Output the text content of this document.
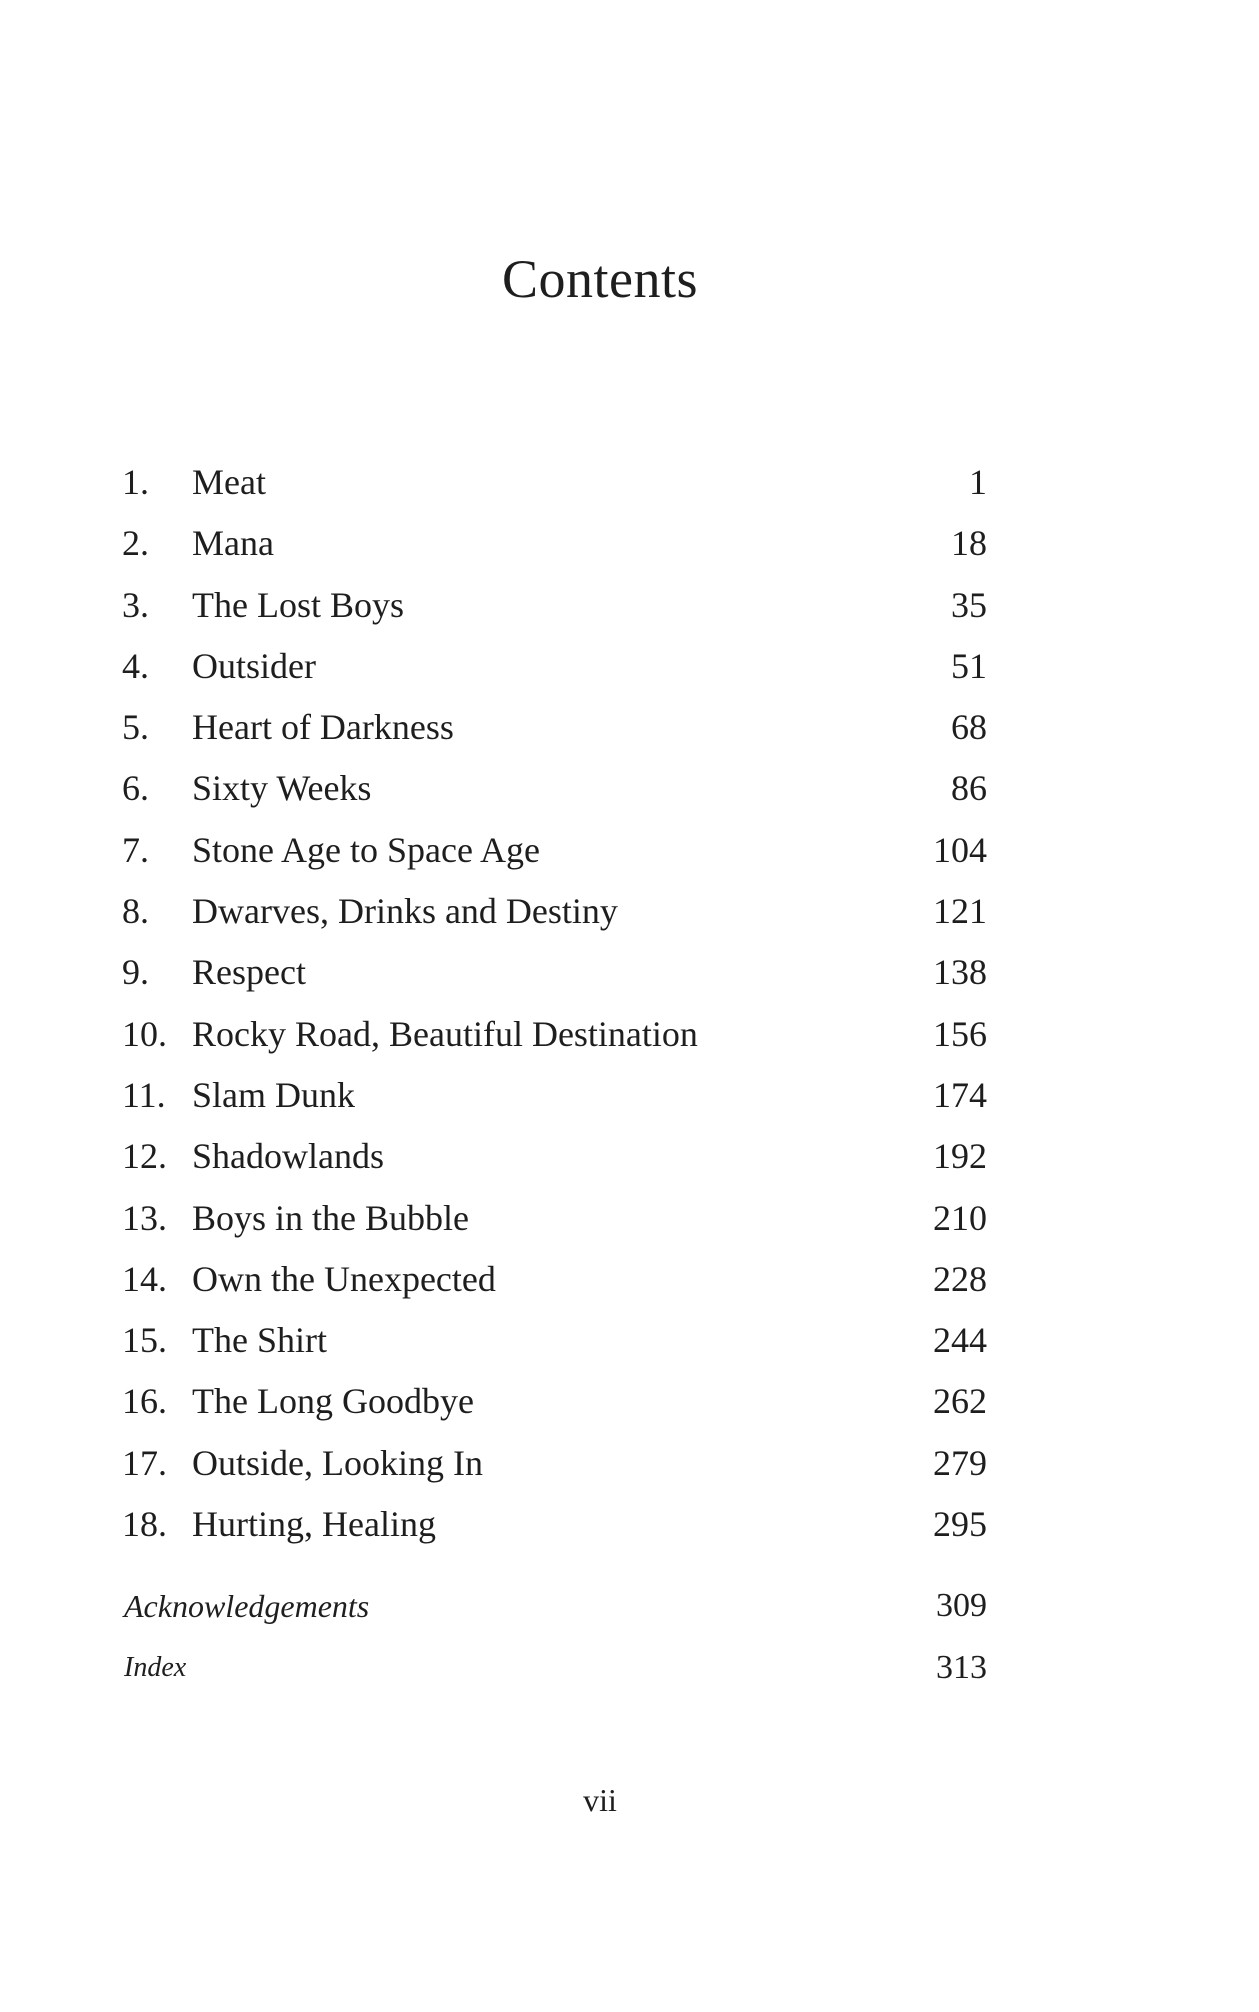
Contents
1. Meat	1
2. Mana	18
3. The Lost Boys	35
4. Outsider	51
5. Heart of Darkness	68
6. Sixty Weeks	86
7. Stone Age to Space Age	104
8. Dwarves, Drinks and Destiny	121
9. Respect	138
10. Rocky Road, Beautiful Destination	156
11. Slam Dunk	174
12. Shadowlands	192
13. Boys in the Bubble	210
14. Own the Unexpected	228
15. The Shirt	244
16. The Long Goodbye	262
17. Outside, Looking In	279
18. Hurting, Healing	295
Acknowledgements	309
Index	313
vii
